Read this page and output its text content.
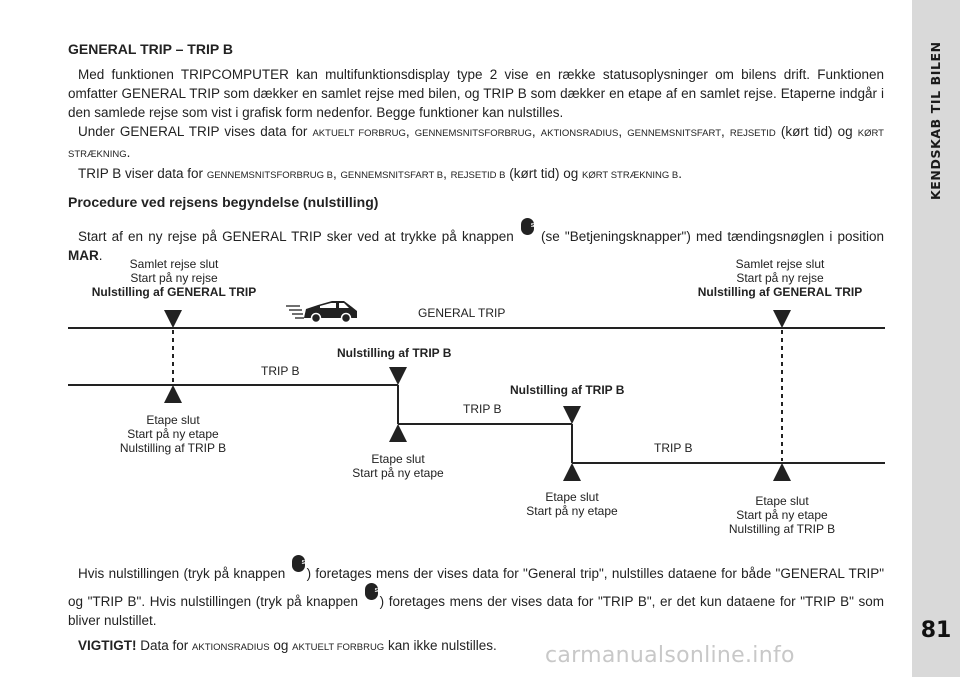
KENDSKAB TIL BILEN
81
GENERAL TRIP – TRIP B

Med funktionen TRIPCOMPUTER kan multifunktionsdisplay type 2 vise en række statusoplysninger om bilens drift. Funktionen omfatter GENERAL TRIP som dækker en samlet rejse med bilen, og TRIP B som dækker en etape af en samlet rejse. Etaperne indgår i den samlede rejse som vist i grafisk form nedenfor. Begge funktioner kan nulstilles.

Under GENERAL TRIP vises data for AKTUELT FORBRUG, GENNEMSNITSFORBRUG, AKTIONSRADIUS, GENNEMSNITSFART, REJSETID (kørt tid) og KØRT STRÆKNING.

TRIP B viser data for GENNEMSNITSFORBRUG B, GENNEMSNITSFART B, REJSETID B (kørt tid) og KØRT STRÆKNING B.

Procedure ved rejsens begyndelse (nulstilling)

Start af en ny rejse på GENERAL TRIP sker ved at trykke på knappen SET 2 (se "Betjeningsknapper") med tændingsnøglen i position MAR.

Samlet rejse slut
Start på ny rejse
Nulstilling af GENERAL TRIP
Samlet rejse slut
Start på ny rejse
Nulstilling af GENERAL TRIP
GENERAL TRIP
TRIP B
TRIP B
TRIP B
Nulstilling af TRIP B
Nulstilling af TRIP B
Etape slut
Start på ny etape
Nulstilling af TRIP B
Etape slut
Start på ny etape
Etape slut
Start på ny etape
Etape slut
Start på ny etape
Nulstilling af TRIP B

Hvis nulstillingen (tryk på knappen SET 2 ) foretages mens der vises data for "General trip", nulstilles dataene for både "GENERAL TRIP" og "TRIP B". Hvis nulstillingen (tryk på knappen SET 2 ) foretages mens der vises data for "TRIP B", er det kun dataene for "TRIP B" som bliver nulstillet.

VIGTIGT! Data for AKTIONSRADIUS og AKTUELT FORBRUG kan ikke nulstilles.	carmanualsonline.info
